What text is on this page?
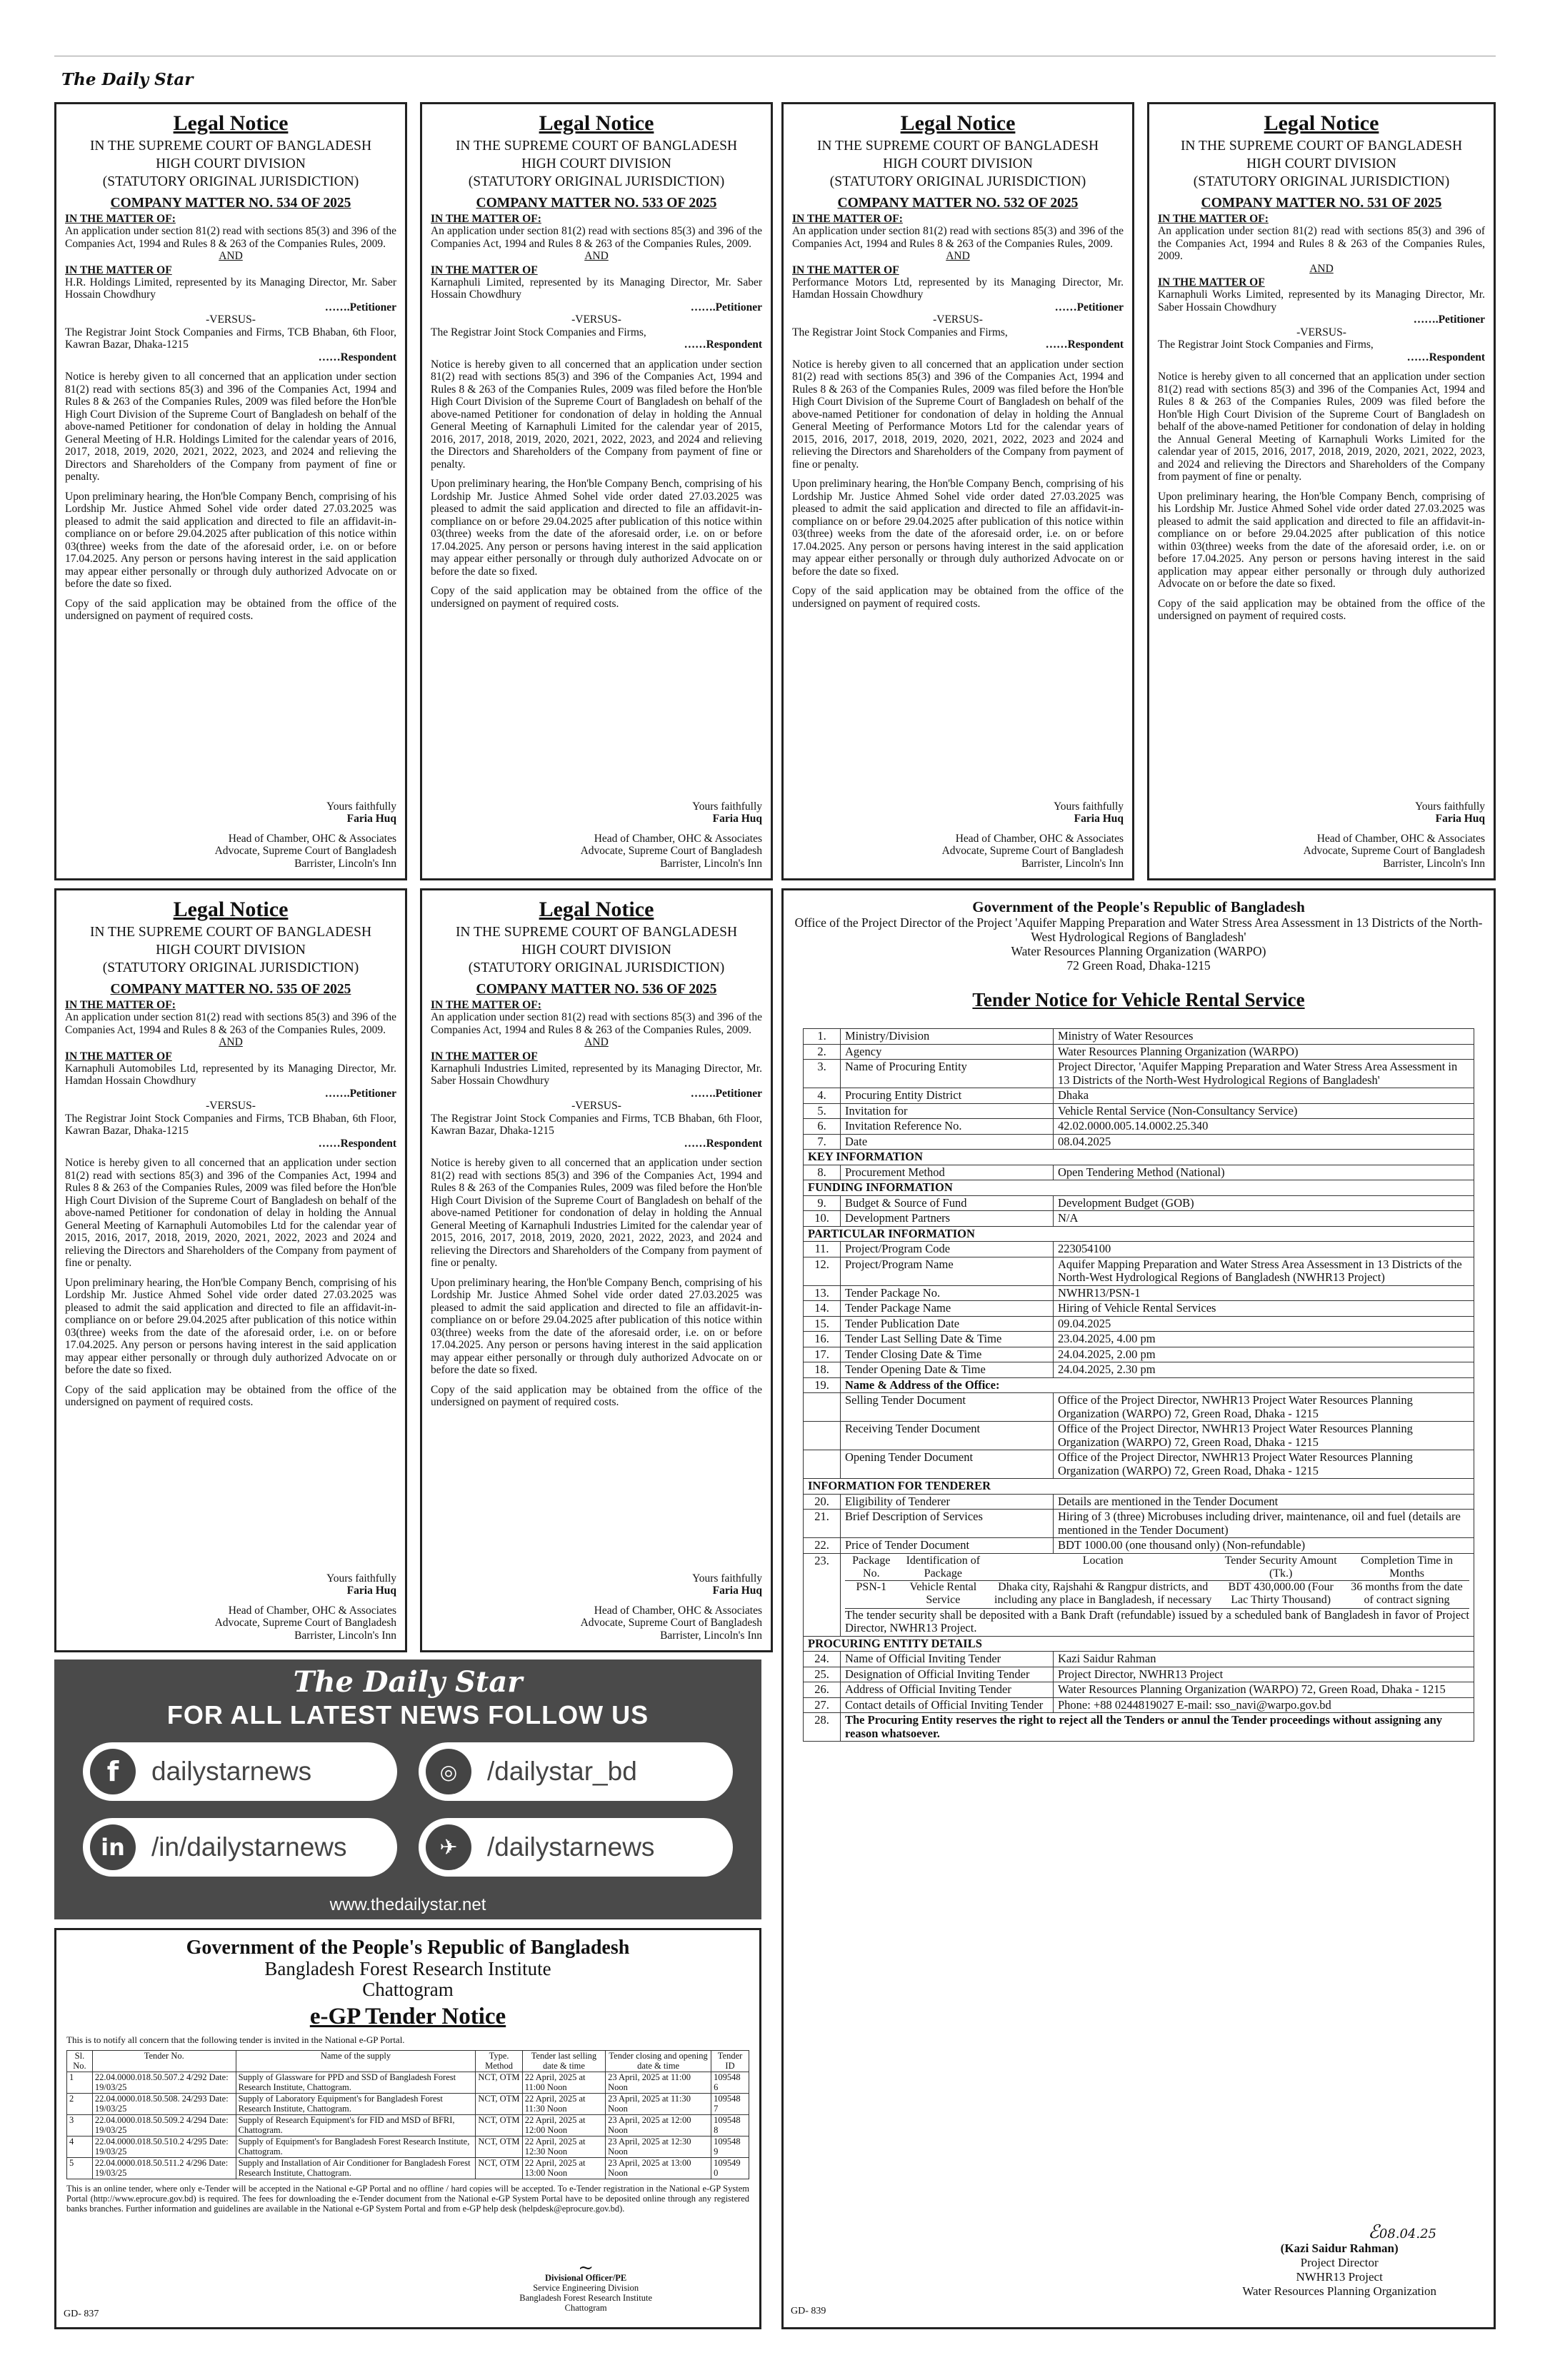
The Daily Star
Legal Notice
IN THE SUPREME COURT OF BANGLADESH
HIGH COURT DIVISION
(STATUTORY ORIGINAL JURISDICTION)
COMPANY MATTER NO. 534 OF 2025
IN THE MATTER OF:
An application under section 81(2) read with sections 85(3) and 396 of the Companies Act, 1994 and Rules 8 & 263 of the Companies Rules, 2009.
AND
IN THE MATTER OF
H.R. Holdings Limited, represented by its Managing Director, Mr. Saber Hossain Chowdhury
…….Petitioner
-VERSUS-
The Registrar Joint Stock Companies and Firms, TCB Bhaban, 6th Floor, Kawran Bazar, Dhaka-1215
……Respondent
Notice is hereby given to all concerned that an application under section 81(2) read with sections 85(3) and 396 of the Companies Act, 1994 and Rules 8 & 263 of the Companies Rules, 2009 was filed before the Hon'ble High Court Division of the Supreme Court of Bangladesh on behalf of the above-named Petitioner for condonation of delay in holding the Annual General Meeting of H.R. Holdings Limited for the calendar years of 2016, 2017, 2018, 2019, 2020, 2021, 2022, 2023, and 2024 and relieving the Directors and Shareholders of the Company from payment of fine or penalty.
Upon preliminary hearing, the Hon'ble Company Bench, comprising of his Lordship Mr. Justice Ahmed Sohel vide order dated 27.03.2025 was pleased to admit the said application and directed to file an affidavit-in-compliance on or before 29.04.2025 after publication of this notice within 03(three) weeks from the date of the aforesaid order, i.e. on or before 17.04.2025. Any person or persons having interest in the said application may appear either personally or through duly authorized Advocate on or before the date so fixed.
Copy of the said application may be obtained from the office of the undersigned on payment of required costs.
Yours faithfully
Faria Huq
Head of Chamber, OHC & Associates
Advocate, Supreme Court of Bangladesh
Barrister, Lincoln's Inn
Legal Notice
IN THE SUPREME COURT OF BANGLADESH
HIGH COURT DIVISION
(STATUTORY ORIGINAL JURISDICTION)
COMPANY MATTER NO. 533 OF 2025
IN THE MATTER OF:
An application under section 81(2) read with sections 85(3) and 396 of the Companies Act, 1994 and Rules 8 & 263 of the Companies Rules, 2009.
AND
IN THE MATTER OF
Karnaphuli Limited, represented by its Managing Director, Mr. Saber Hossain Chowdhury
…….Petitioner
-VERSUS-
The Registrar Joint Stock Companies and Firms,
……Respondent
Notice is hereby given to all concerned that an application under section 81(2) read with sections 85(3) and 396 of the Companies Act, 1994 and Rules 8 & 263 of the Companies Rules, 2009 was filed before the Hon'ble High Court Division of the Supreme Court of Bangladesh on behalf of the above-named Petitioner for condonation of delay in holding the Annual General Meeting of Karnaphuli Limited for the calendar year of 2015, 2016, 2017, 2018, 2019, 2020, 2021, 2022, 2023, and 2024 and relieving the Directors and Shareholders of the Company from payment of fine or penalty.
Upon preliminary hearing, the Hon'ble Company Bench, comprising of his Lordship Mr. Justice Ahmed Sohel vide order dated 27.03.2025 was pleased to admit the said application and directed to file an affidavit-in-compliance on or before 29.04.2025 after publication of this notice within 03(three) weeks from the date of the aforesaid order, i.e. on or before 17.04.2025. Any person or persons having interest in the said application may appear either personally or through duly authorized Advocate on or before the date so fixed.
Copy of the said application may be obtained from the office of the undersigned on payment of required costs.
Yours faithfully
Faria Huq
Head of Chamber, OHC & Associates
Advocate, Supreme Court of Bangladesh
Barrister, Lincoln's Inn
Legal Notice
IN THE SUPREME COURT OF BANGLADESH
HIGH COURT DIVISION
(STATUTORY ORIGINAL JURISDICTION)
COMPANY MATTER NO. 532 OF 2025
IN THE MATTER OF:
An application under section 81(2) read with sections 85(3) and 396 of the Companies Act, 1994 and Rules 8 & 263 of the Companies Rules, 2009.
AND
IN THE MATTER OF
Performance Motors Ltd, represented by its Managing Director, Mr. Hamdan Hossain Chowdhury
……Petitioner
-VERSUS-
The Registrar Joint Stock Companies and Firms,
……Respondent
Notice is hereby given to all concerned that an application under section 81(2) read with sections 85(3) and 396 of the Companies Act, 1994 and Rules 8 & 263 of the Companies Rules, 2009 was filed before the Hon'ble High Court Division of the Supreme Court of Bangladesh on behalf of the above-named Petitioner for condonation of delay in holding the Annual General Meeting of Performance Motors Ltd for the calendar years of 2015, 2016, 2017, 2018, 2019, 2020, 2021, 2022, 2023 and 2024 and relieving the Directors and Shareholders of the Company from payment of fine or penalty.
Upon preliminary hearing, the Hon'ble Company Bench, comprising of his Lordship Mr. Justice Ahmed Sohel vide order dated 27.03.2025 was pleased to admit the said application and directed to file an affidavit-in-compliance on or before 29.04.2025 after publication of this notice within 03(three) weeks from the date of the aforesaid order, i.e. on or before 17.04.2025. Any person or persons having interest in the said application may appear either personally or through duly authorized Advocate on or before the date so fixed.
Copy of the said application may be obtained from the office of the undersigned on payment of required costs.
Yours faithfully
Faria Huq
Head of Chamber, OHC & Associates
Advocate, Supreme Court of Bangladesh
Barrister, Lincoln's Inn
Legal Notice
IN THE SUPREME COURT OF BANGLADESH
HIGH COURT DIVISION
(STATUTORY ORIGINAL JURISDICTION)
COMPANY MATTER NO. 531 OF 2025
IN THE MATTER OF:
An application under section 81(2) read with sections 85(3) and 396 of the Companies Act, 1994 and Rules 8 & 263 of the Companies Rules, 2009.
AND
IN THE MATTER OF
Karnaphuli Works Limited, represented by its Managing Director, Mr. Saber Hossain Chowdhury
…….Petitioner
-VERSUS-
The Registrar Joint Stock Companies and Firms,
……Respondent
Notice is hereby given to all concerned that an application under section 81(2) read with sections 85(3) and 396 of the Companies Act, 1994 and Rules 8 & 263 of the Companies Rules, 2009 was filed before the Hon'ble High Court Division of the Supreme Court of Bangladesh on behalf of the above-named Petitioner for condonation of delay in holding the Annual General Meeting of Karnaphuli Works Limited for the calendar year of 2015, 2016, 2017, 2018, 2019, 2020, 2021, 2022, 2023, and 2024 and relieving the Directors and Shareholders of the Company from payment of fine or penalty.
Upon preliminary hearing, the Hon'ble Company Bench, comprising of his Lordship Mr. Justice Ahmed Sohel vide order dated 27.03.2025 was pleased to admit the said application and directed to file an affidavit-in-compliance on or before 29.04.2025 after publication of this notice within 03(three) weeks from the date of the aforesaid order, i.e. on or before 17.04.2025. Any person or persons having interest in the said application may appear either personally or through duly authorized Advocate on or before the date so fixed.
Copy of the said application may be obtained from the office of the undersigned on payment of required costs.
Yours faithfully
Faria Huq
Head of Chamber, OHC & Associates
Advocate, Supreme Court of Bangladesh
Barrister, Lincoln's Inn
Legal Notice
IN THE SUPREME COURT OF BANGLADESH
HIGH COURT DIVISION
(STATUTORY ORIGINAL JURISDICTION)
COMPANY MATTER NO. 535 OF 2025
IN THE MATTER OF:
An application under section 81(2) read with sections 85(3) and 396 of the Companies Act, 1994 and Rules 8 & 263 of the Companies Rules, 2009.
AND
IN THE MATTER OF
Karnaphuli Automobiles Ltd, represented by its Managing Director, Mr. Hamdan Hossain Chowdhury
…….Petitioner
-VERSUS-
The Registrar Joint Stock Companies and Firms, TCB Bhaban, 6th Floor, Kawran Bazar, Dhaka-1215
……Respondent
Notice is hereby given to all concerned that an application under section 81(2) read with sections 85(3) and 396 of the Companies Act, 1994 and Rules 8 & 263 of the Companies Rules, 2009 was filed before the Hon'ble High Court Division of the Supreme Court of Bangladesh on behalf of the above-named Petitioner for condonation of delay in holding the Annual General Meeting of Karnaphuli Automobiles Ltd for the calendar year of 2015, 2016, 2017, 2018, 2019, 2020, 2021, 2022, 2023 and 2024 and relieving the Directors and Shareholders of the Company from payment of fine or penalty.
Upon preliminary hearing, the Hon'ble Company Bench, comprising of his Lordship Mr. Justice Ahmed Sohel vide order dated 27.03.2025 was pleased to admit the said application and directed to file an affidavit-in-compliance on or before 29.04.2025 after publication of this notice within 03(three) weeks from the date of the aforesaid order, i.e. on or before 17.04.2025. Any person or persons having interest in the said application may appear either personally or through duly authorized Advocate on or before the date so fixed.
Copy of the said application may be obtained from the office of the undersigned on payment of required costs.
Yours faithfully
Faria Huq
Head of Chamber, OHC & Associates
Advocate, Supreme Court of Bangladesh
Barrister, Lincoln's Inn
Legal Notice
IN THE SUPREME COURT OF BANGLADESH
HIGH COURT DIVISION
(STATUTORY ORIGINAL JURISDICTION)
COMPANY MATTER NO. 536 OF 2025
IN THE MATTER OF:
An application under section 81(2) read with sections 85(3) and 396 of the Companies Act, 1994 and Rules 8 & 263 of the Companies Rules, 2009.
AND
IN THE MATTER OF
Karnaphuli Industries Limited, represented by its Managing Director, Mr. Saber Hossain Chowdhury
…….Petitioner
-VERSUS-
The Registrar Joint Stock Companies and Firms, TCB Bhaban, 6th Floor, Kawran Bazar, Dhaka-1215
……Respondent
Notice is hereby given to all concerned that an application under section 81(2) read with sections 85(3) and 396 of the Companies Act, 1994 and Rules 8 & 263 of the Companies Rules, 2009 was filed before the Hon'ble High Court Division of the Supreme Court of Bangladesh on behalf of the above-named Petitioner for condonation of delay in holding the Annual General Meeting of Karnaphuli Industries Limited for the calendar year of 2015, 2016, 2017, 2018, 2019, 2020, 2021, 2022, 2023, and 2024 and relieving the Directors and Shareholders of the Company from payment of fine or penalty.
Upon preliminary hearing, the Hon'ble Company Bench, comprising of his Lordship Mr. Justice Ahmed Sohel vide order dated 27.03.2025 was pleased to admit the said application and directed to file an affidavit-in-compliance on or before 29.04.2025 after publication of this notice within 03(three) weeks from the date of the aforesaid order, i.e. on or before 17.04.2025. Any person or persons having interest in the said application may appear either personally or through duly authorized Advocate on or before the date so fixed.
Copy of the said application may be obtained from the office of the undersigned on payment of required costs.
Yours faithfully
Faria Huq
Head of Chamber, OHC & Associates
Advocate, Supreme Court of Bangladesh
Barrister, Lincoln's Inn
The Daily Star
FOR ALL LATEST NEWS FOLLOW US
f	dailystarnews	◎	/dailystar_bd
in	/in/dailystarnews	✈	/dailystarnews
www.thedailystar.net
Government of the People's Republic of Bangladesh
Bangladesh Forest Research Institute
Chattogram
e-GP Tender Notice
This is to notify all concern that the following tender is invited in the National e-GP Portal.
Sl. No.	Tender No.	Name of the supply	Type. Method	Tender last selling date & time	Tender closing and opening date & time	Tender ID
1	22.04.0000.018.50.507.2 4/292 Date: 19/03/25	Supply of Glassware for PPD and SSD of Bangladesh Forest Research Institute, Chattogram.	NCT, OTM	22 April, 2025 at 11:00 Noon	23 April, 2025 at 11:00 Noon	109548 6
2	22.04.0000.018.50.508. 24/293 Date: 19/03/25	Supply of Laboratory Equipment's for Bangladesh Forest Research Institute, Chattogram.	NCT, OTM	22 April, 2025 at 11:30 Noon	23 April, 2025 at 11:30 Noon	109548 7
3	22.04.0000.018.50.509.2 4/294 Date: 19/03/25	Supply of Research Equipment's for FID and MSD of BFRI, Chattogram.	NCT, OTM	22 April, 2025 at 12:00 Noon	23 April, 2025 at 12:00 Noon	109548 8
4	22.04.0000.018.50.510.2 4/295 Date: 19/03/25	Supply of Equipment's for Bangladesh Forest Research Institute, Chattogram.	NCT, OTM	22 April, 2025 at 12:30 Noon	23 April, 2025 at 12:30 Noon	109548 9
5	22.04.0000.018.50.511.2 4/296 Date: 19/03/25	Supply and Installation of Air Conditioner for Bangladesh Forest Research Institute, Chattogram.	NCT, OTM	22 April, 2025 at 13:00 Noon	23 April, 2025 at 13:00 Noon	109549 0
This is an online tender, where only e-Tender will be accepted in the National e-GP Portal and no offline / hard copies will be accepted. To e-Tender registration in the National e-GP System Portal (http://www.eprocure.gov.bd) is required. The fees for downloading the e-Tender document from the National e-GP System Portal have to be deposited online through any registered banks branches. Further information and guidelines are available in the National e-GP System Portal and from e-GP help desk (helpdesk@eprocure.gov.bd).
~
Divisional Officer/PE
Service Engineering Division
Bangladesh Forest Research Institute
Chattogram
GD- 837
Government of the People's Republic of Bangladesh
Office of the Project Director of the Project 'Aquifer Mapping Preparation and Water Stress Area Assessment in 13 Districts of the North-West Hydrological Regions of Bangladesh'
Water Resources Planning Organization (WARPO)
72 Green Road, Dhaka-1215
Tender Notice for Vehicle Rental Service
1.	Ministry/Division	Ministry of Water Resources
2.	Agency	Water Resources Planning Organization (WARPO)
3.	Name of Procuring Entity	Project Director, 'Aquifer Mapping Preparation and Water Stress Area Assessment in 13 Districts of the North-West Hydrological Regions of Bangladesh'
4.	Procuring Entity District	Dhaka
5.	Invitation for	Vehicle Rental Service (Non-Consultancy Service)
6.	Invitation Reference No.	42.02.0000.005.14.0002.25.340
7.	Date	08.04.2025
KEY INFORMATION
8.	Procurement Method	Open Tendering Method (National)
FUNDING INFORMATION
9.	Budget & Source of Fund	Development Budget (GOB)
10.	Development Partners	N/A
PARTICULAR INFORMATION
11.	Project/Program Code	223054100
12.	Project/Program Name	Aquifer Mapping Preparation and Water Stress Area Assessment in 13 Districts of the North-West Hydrological Regions of Bangladesh (NWHR13 Project)
13.	Tender Package No.	NWHR13/PSN-1
14.	Tender Package Name	Hiring of Vehicle Rental Services
15.	Tender Publication Date	09.04.2025
16.	Tender Last Selling Date & Time	23.04.2025, 4.00 pm
17.	Tender Closing Date & Time	24.04.2025, 2.00 pm
18.	Tender Opening Date & Time	24.04.2025, 2.30 pm
19.	Name & Address of the Office:
	Selling Tender Document	Office of the Project Director, NWHR13 Project Water Resources Planning Organization (WARPO) 72, Green Road, Dhaka - 1215
	Receiving Tender Document	Office of the Project Director, NWHR13 Project Water Resources Planning Organization (WARPO) 72, Green Road, Dhaka - 1215
	Opening Tender Document	Office of the Project Director, NWHR13 Project Water Resources Planning Organization (WARPO) 72, Green Road, Dhaka - 1215
INFORMATION FOR TENDERER
20.	Eligibility of Tenderer	Details are mentioned in the Tender Document
21.	Brief Description of Services	Hiring of 3 (three) Microbuses including driver, maintenance, oil and fuel (details are mentioned in the Tender Document)
22.	Price of Tender Document	BDT 1000.00 (one thousand only) (Non-refundable)
23.	Package No.	Identification of Package	Location	Tender Security Amount (Tk.)	Completion Time in Months
PSN-1	Vehicle Rental Service	Dhaka city, Rajshahi & Rangpur districts, and including any place in Bangladesh, if necessary	BDT 430,000.00 (Four Lac Thirty Thousand)	36 months from the date of contract signing
The tender security shall be deposited with a Bank Draft (refundable) issued by a scheduled bank of Bangladesh in favor of Project Director, NWHR13 Project.

PROCURING ENTITY DETAILS
24.	Name of Official Inviting Tender	Kazi Saidur Rahman
25.	Designation of Official Inviting Tender	Project Director, NWHR13 Project
26.	Address of Official Inviting Tender	Water Resources Planning Organization (WARPO) 72, Green Road, Dhaka - 1215
27.	Contact details of Official Inviting Tender	Phone: +88 0244819027 E-mail: sso_navi@warpo.gov.bd
28.	The Procuring Entity reserves the right to reject all the Tenders or annul the Tender proceedings without assigning any reason whatsoever.
ℰ08.04.25
(Kazi Saidur Rahman)
Project Director
NWHR13 Project
Water Resources Planning Organization
GD- 839
